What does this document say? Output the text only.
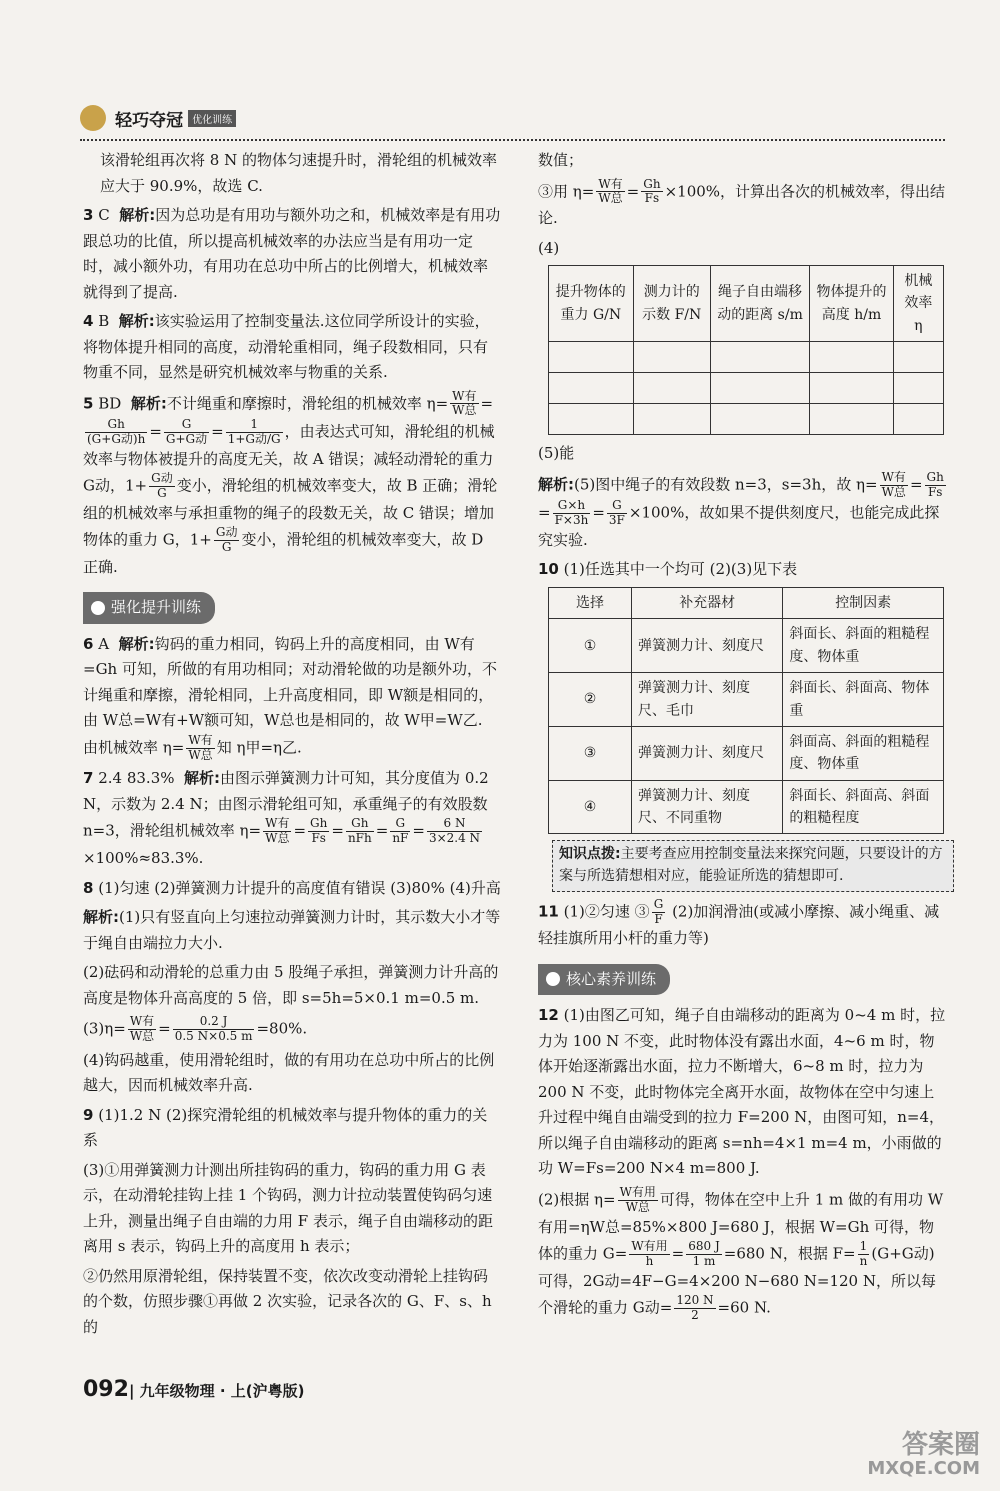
轻巧夺冠 优化训练

该滑轮组再次将 8 N 的物体匀速提升时，滑轮组的机械效率应大于 90.9%，故选 C.

3 C 解析:因为总功是有用功与额外功之和，机械效率是有用功跟总功的比值，所以提高机械效率的办法应当是有用功一定时，减小额外功，有用功在总功中所占的比例增大，机械效率就得到了提高.

4 B 解析:该实验运用了控制变量法.这位同学所设计的实验，将物体提升相同的高度，动滑轮重相同，绳子段数相同，只有物重不同，显然是研究机械效率与物重的关系.

5 BD 解析:不计绳重和摩擦时，滑轮组的机械效率 $\eta= \frac{\text{W有}}{\text{W总}}$ =
$\frac{Gh}{\text{(G+G动)h}} = \frac{G}{\text{G+G动}} = \frac{1}{\text{1+G动/G}}$ ，由表达式可知，滑轮组的机械效率与物体被提升的高度无关，故 A 错误；减轻动滑轮的重力 G动，$1+ \frac{\text{G动}}{G}$ 变小，滑轮组的机械效率变大，故 B 正确；滑轮组的机械效率与承担重物的绳子的段数无关，故 C 错误；增加物体的重力 G，$1+ \frac{\text{G动}}{G}$ 变小，滑轮组的机械效率变大，故 D 正确.

强化提升训练

6 A 解析:钩码的重力相同，钩码上升的高度相同，由 W有=Gh 可知，所做的有用功相同；对动滑轮做的功是额外功，不计绳重和摩擦，滑轮相同，上升高度相同，即 W额是相同的，由 W总=W有+W额可知，W总也是相同的，故 W甲=W乙. 由机械效率 $\eta= \frac{\text{W有}}{\text{W总}}$ 知 η甲=η乙.

7 2.4 83.3% 解析:由图示弹簧测力计可知，其分度值为 0.2 N，示数为 2.4 N；由图示滑轮组可知，承重绳子的有效股数 n=3，滑轮组机械效率 $\eta= \frac{\text{W有}}{\text{W总}} = \frac{Gh}{Fs} = \frac{Gh}{\text{nFh}} = \frac{G}{nF} = \frac{6 N}{3\times 2.4 N}$
×100%≈83.3%.

8 (1)匀速 (2)弹簧测力计提升的高度值有错误 (3)80% (4)升高

解析:(1)只有竖直向上匀速拉动弹簧测力计时，其示数大小才等于绳自由端拉力大小.

(2)砝码和动滑轮的总重力由 5 股绳子承担，弹簧测力计升高的高度是物体升高高度的 5 倍，即 s=5h=5×0.1 m=0.5 m.

$(3)\eta= \frac{\text{W有}}{\text{W总}} = \frac{0.2 J}{0.5 N\times 0.5 m} =80\%$.

(4)钩码越重，使用滑轮组时，做的有用功在总功中所占的比例越大，因而机械效率升高.

9 (1)1.2 N (2)探究滑轮组的机械效率与提升物体的重力的关系

(3)①用弹簧测力计测出所挂钩码的重力，钩码的重力用 G 表示，在动滑轮挂钩上挂 1 个钩码，测力计拉动装置使钩码匀速上升，测量出绳子自由端的力用 F 表示，绳子自由端移动的距离用 s 表示，钩码上升的高度用 h 表示；

②仍然用原滑轮组，保持装置不变，依次改变动滑轮上挂钩码的个数，仿照步骤①再做 2 次实验，记录各次的 G、F、s、h 的

数值；

③用 $\eta= \frac{\text{W有}}{\text{W总}} = \frac{Gh}{Fs} \times 100\%$，计算出各次的机械效率，得出结论.

(4)

提升物体的重力 G/N	测力计的示数 F/N	绳子自由端移动的距离 s/m	物体提升的高度 h/m	机械效率 η

(5)能

解析:(5)图中绳子的有效段数 n=3，s=3h，故 $\eta= \frac{\text{W有}}{\text{W总}} = \frac{Gh}{Fs}$
= $\frac{G\times h}{F\times 3h} = \frac{G}{3F} \times 100\%$，故如果不提供刻度尺，也能完成此探究实验.

10 (1)任选其中一个均可 (2)(3)见下表

选择	补充器材	控制因素
①	弹簧测力计、刻度尺	斜面长、斜面的粗糙程度、物体重
②	弹簧测力计、刻度尺、毛巾	斜面长、斜面高、物体重
③	弹簧测力计、刻度尺	斜面高、斜面的粗糙程度、物体重
④	弹簧测力计、刻度尺、不同重物	斜面长、斜面高、斜面的粗糙程度
知识点拨:主要考查应用控制变量法来探究问题，只要设计的方案与所选猜想相对应，能验证所选的猜想即可.

11 (1)②匀速 ③ $\frac{G}{F} (2)$加润滑油(或减小摩擦、减小绳重、减轻挂旗所用小杆的重力等)

核心素养训练

12 (1)由图乙可知，绳子自由端移动的距离为 0~4 m 时，拉力为 100 N 不变，此时物体没有露出水面，4~6 m 时，物体开始逐渐露出水面，拉力不断增大，6~8 m 时，拉力为 200 N 不变，此时物体完全离开水面，故物体在空中匀速上升过程中绳自由端受到的拉力 F=200 N，由图可知，n=4，所以绳子自由端移动的距离 s=nh=4×1 m=4 m，小雨做的功 W=Fs=200 N×4 m=800 J.

(2)根据 $\eta= \frac{\text{W有用}}{\text{W总}}$ 可得，物体在空中上升 1 m 做的有用功 W有用=ηW总=85%×800 J=680 J，根据 W=Gh 可得，物体的重力 $G= \frac{\text{W有用}}{h} = \frac{680 J}{1 m} =680$ N，根据 $F= \frac{1}{n} (G+G$动)可得，2G动=4F−G=4×200 N−680 N=120 N，所以每个滑轮的重力 G动= $\frac{120 N}{2} =60$ N.

092| 九年级物理 · 上(沪粤版)
答案圈
MXQE.COM
